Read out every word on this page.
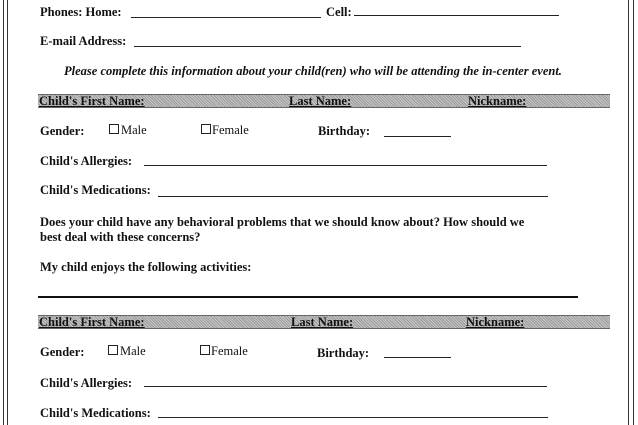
Phones: Home:	Cell:
E-mail Address:
Please complete this information about your child(ren) who will be attending the in-center event.
Child's First Name:	Last Name:	Nickname:
Gender:	Male	Female	Birthday:
Child's Allergies:
Child's Medications:
Does your child have any behavioral problems that we should know about? How should we
best deal with these concerns?
My child enjoys the following activities:
Child's First Name:	Last Name:	Nickname:
Gender:	Male	Female	Birthday:
Child's Allergies:
Child's Medications:
